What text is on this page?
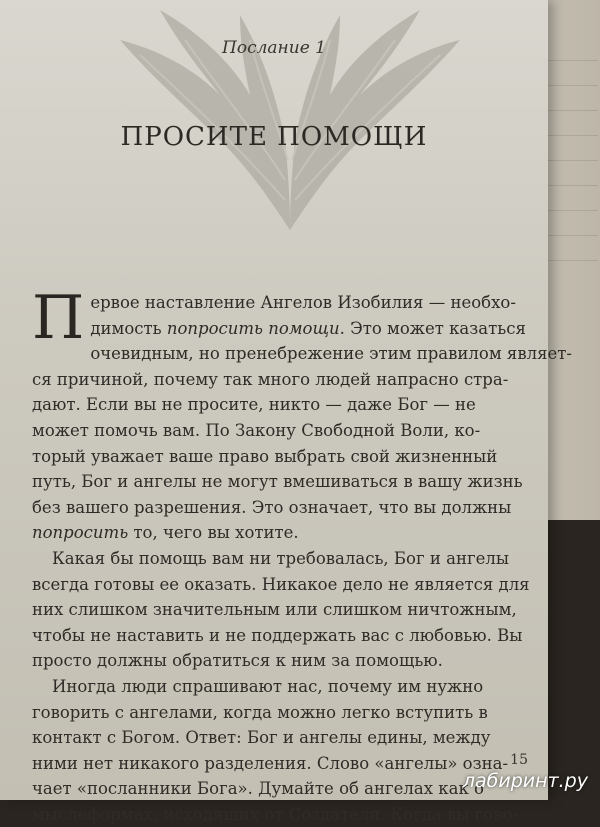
Послание 1
ПРОСИТЕ ПОМОЩИ
П ервое наставление Ангелов Изобилия — необхо-
димость попросить помощи. Это может казаться
очевидным, но пренебрежение этим правилом являет-
ся причиной, почему так много людей напрасно стра-
дают. Если вы не просите, никто — даже Бог — не
может помочь вам. По Закону Свободной Воли, ко-
торый уважает ваше право выбрать свой жизненный
путь, Бог и ангелы не могут вмешиваться в вашу жизнь
без вашего разрешения. Это означает, что вы должны
попросить то, чего вы хотите.
Какая бы помощь вам ни требовалась, Бог и ангелы
всегда готовы ее оказать. Никакое дело не является для
них слишком значительным или слишком ничтожным,
чтобы не наставить и не поддержать вас с любовью. Вы
просто должны обратиться к ним за помощью.
Иногда люди спрашивают нас, почему им нужно
говорить с ангелами, когда можно легко вступить в
контакт с Богом. Ответ: Бог и ангелы едины, между
ними нет никакого разделения. Слово «ангелы» озна-
чает «посланники Бога». Думайте об ангелах как о
мыслеформах, исходящих от Создателя. Когда вы гово-
15
лабиринт.ру
